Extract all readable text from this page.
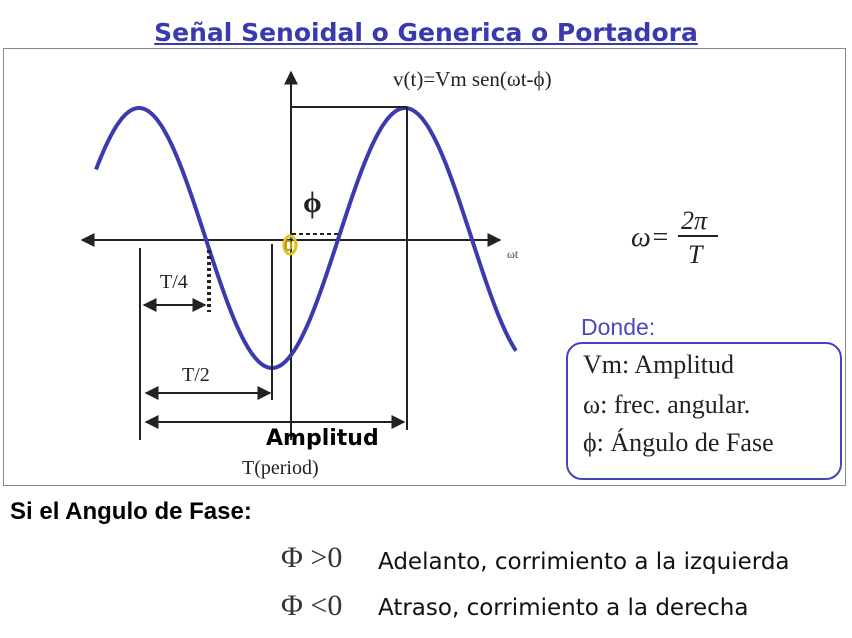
Señal Senoidal o Generica o Portadora
v(t)=Vm sen(ωt-ϕ)
ϕ
0	ωt
T/4
T/2
Amplitud
T(period)
ω=
2π
T
Donde:
Vm: Amplitud
ω: frec. angular.
ϕ: Ángulo de Fase
Si el Angulo de Fase:
Φ >0 Adelanto, corrimiento a la izquierda
Φ <0 Atraso, corrimiento a la derecha
